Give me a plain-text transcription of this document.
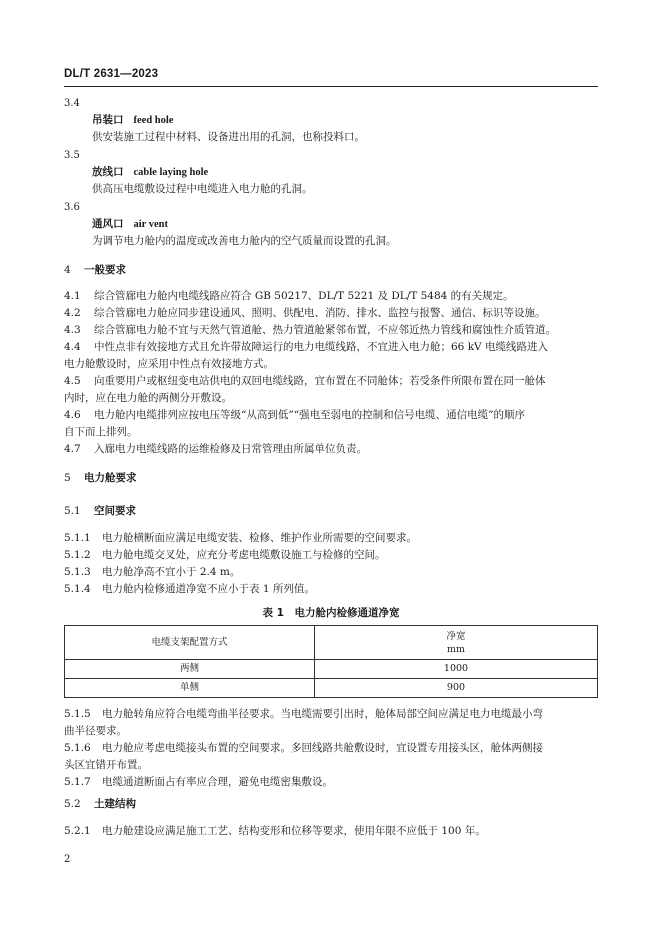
DL/T 2631—2023
3.4
吊装口 feed hole
供安装施工过程中材料、设备进出用的孔洞，也称投料口。
3.5
放线口 cable laying hole
供高压电缆敷设过程中电缆进入电力舱的孔洞。
3.6
通风口 air vent
为调节电力舱内的温度或改善电力舱内的空气质量而设置的孔洞。
4 一般要求
4.1 综合管廊电力舱内电缆线路应符合 GB 50217、DL/T 5221 及 DL/T 5484 的有关规定。
4.2 综合管廊电力舱应同步建设通风、照明、供配电、消防、排水、监控与报警、通信、标识等设施。
4.3 综合管廊电力舱不宜与天然气管道舱、热力管道舱紧邻布置，不应邻近热力管线和腐蚀性介质管道。
4.4 中性点非有效接地方式且允许带故障运行的电力电缆线路，不宜进入电力舱；66 kV 电缆线路进入
电力舱敷设时，应采用中性点有效接地方式。
4.5 向重要用户或枢纽变电站供电的双回电缆线路，宜布置在不同舱体；若受条件所限布置在同一舱体
内时，应在电力舱的两侧分开敷设。
4.6 电力舱内电缆排列应按电压等级“从高到低”“强电至弱电的控制和信号电缆、通信电缆”的顺序
自下而上排列。
4.7 入廊电力电缆线路的运维检修及日常管理由所属单位负责。
5 电力舱要求
5.1 空间要求
5.1.1 电力舱横断面应满足电缆安装、检修、维护作业所需要的空间要求。
5.1.2 电力舱电缆交叉处，应充分考虑电缆敷设施工与检修的空间。
5.1.3 电力舱净高不宜小于 2.4 m。
5.1.4 电力舱内检修通道净宽不应小于表 1 所列值。
表 1　电力舱内检修通道净宽
电缆支架配置方式	净宽
mm
两侧	1000
单侧	900
5.1.5 电力舱转角应符合电缆弯曲半径要求。当电缆需要引出时，舱体局部空间应满足电力电缆最小弯
曲半径要求。
5.1.6 电力舱应考虑电缆接头布置的空间要求。多回线路共舱敷设时，宜设置专用接头区，舱体两侧接
头区宜错开布置。
5.1.7 电缆通道断面占有率应合理，避免电缆密集敷设。
5.2 土建结构
5.2.1 电力舱建设应满足施工工艺、结构变形和位移等要求，使用年限不应低于 100 年。
2
